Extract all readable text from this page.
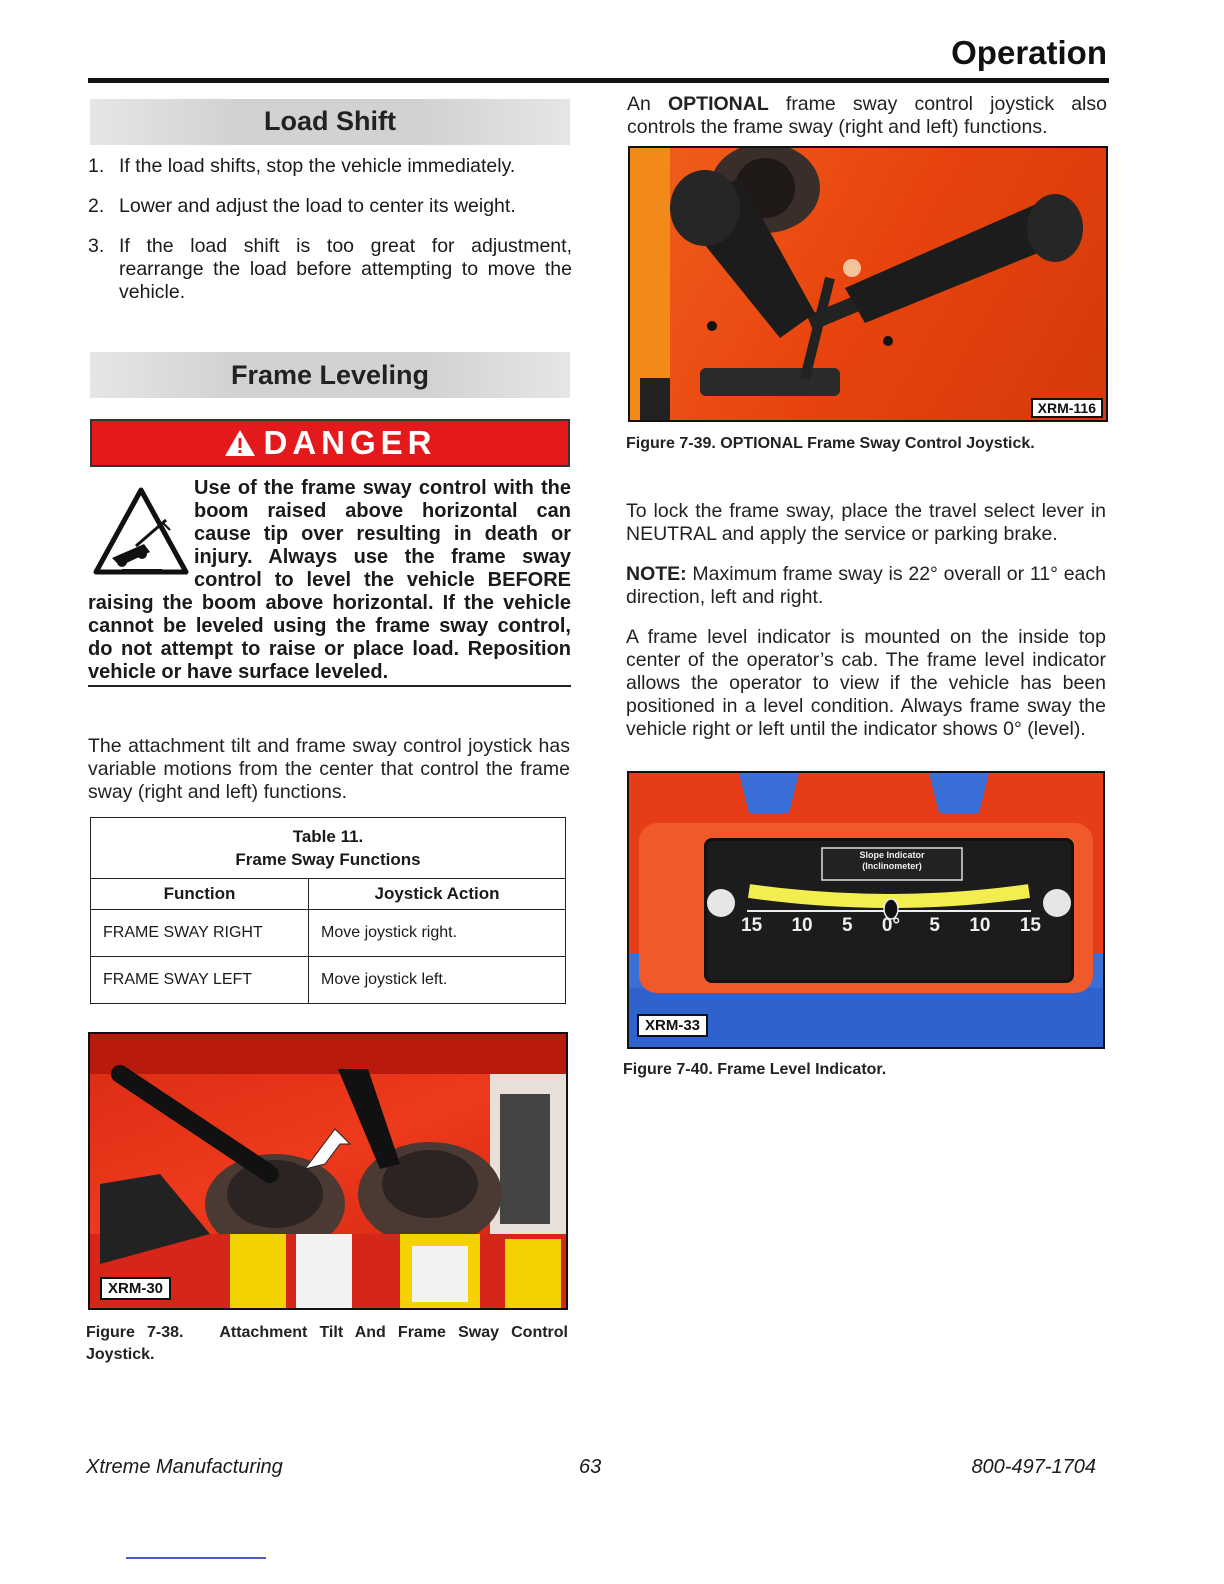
Operation
Load Shift
1. If the load shifts, stop the vehicle immediately.
2. Lower and adjust the load to center its weight.
3. If the load shift is too great for adjustment, rearrange the load before attempting to move the vehicle.
Frame Leveling
DANGER
Use of the frame sway control with the boom raised above horizontal can cause tip over resulting in death or injury. Always use the frame sway control to level the vehicle BEFORE raising the boom above horizontal. If the vehicle cannot be leveled using the frame sway control, do not attempt to raise or place load. Reposition vehicle or have surface leveled.
The attachment tilt and frame sway control joystick has variable motions from the center that control the frame sway (right and left) functions.
Table 11.
Frame Sway Functions	

Function	Joystick Action
FRAME SWAY RIGHT	Move joystick right.
FRAME SWAY LEFT	Move joystick left.
XRM-30
Figure 7-38. Attachment Tilt And Frame Sway Control Joystick.
An OPTIONAL frame sway control joystick also controls the frame sway (right and left) functions.
XRM-116
Figure 7-39. OPTIONAL Frame Sway Control Joystick.
To lock the frame sway, place the travel select lever in NEUTRAL and apply the service or parking brake.
NOTE: Maximum frame sway is 22° overall or 11° each direction, left and right.
A frame level indicator is mounted on the inside top center of the operator’s cab. The frame level indicator allows the operator to view if the vehicle has been positioned in a level condition. Always frame sway the vehicle right or left until the indicator shows 0° (level).
Slope Indicator
(Inclinometer)
15 10 5 0° 5 10 15
XRM-33
Figure 7-40. Frame Level Indicator.
Xtreme Manufacturing	63	800-497-1704
